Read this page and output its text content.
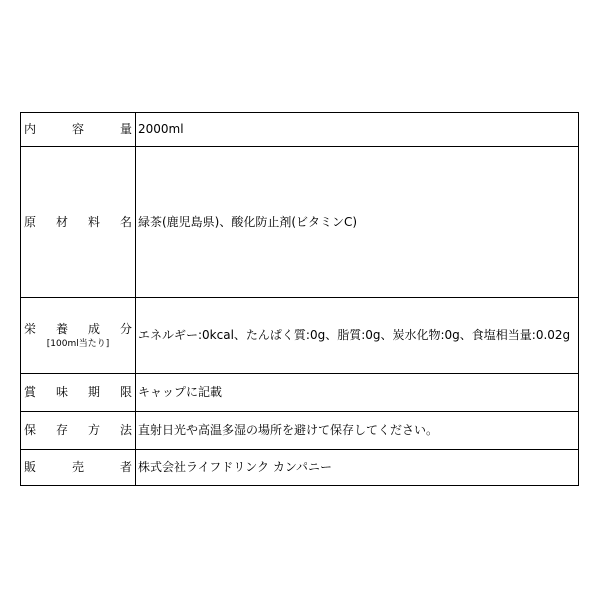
内　容　量	2000ml

原　材　料　名	緑茶(鹿児島県)、酸化防止剤(ビタミンC)

栄　養　成　分
[100ml当たり]	エネルギー:0kcal、たんぱく質:0g、脂質:0g、炭水化物:0g、食塩相当量:0.02g

賞　味　期　限	キャップに記載

保　存　方　法	直射日光や高温多湿の場所を避けて保存してください。

販　　売　　者	株式会社ライフドリンク カンパニー
